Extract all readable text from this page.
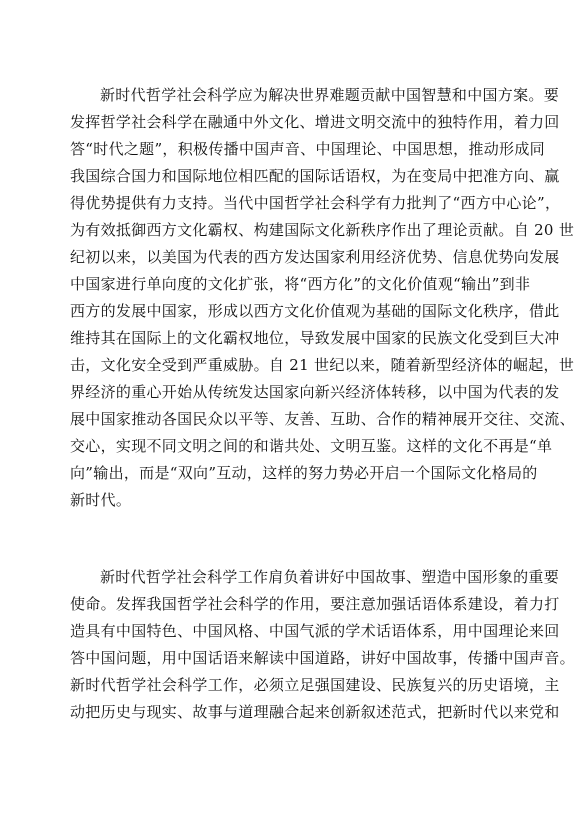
新时代哲学社会科学应为解决世界难题贡献中国智慧和中国方案。要
发挥哲学社会科学在融通中外文化、增进文明交流中的独特作用，着力回
答“时代之题”，积极传播中国声音、中国理论、中国思想，推动形成同
我国综合国力和国际地位相匹配的国际话语权，为在变局中把准方向、赢
得优势提供有力支持。当代中国哲学社会科学有力批判了“西方中心论”，
为有效抵御西方文化霸权、构建国际文化新秩序作出了理论贡献。自 20 世
纪初以来，以美国为代表的西方发达国家利用经济优势、信息优势向发展
中国家进行单向度的文化扩张，将“西方化”的文化价值观“输出”到非
西方的发展中国家，形成以西方文化价值观为基础的国际文化秩序，借此
维持其在国际上的文化霸权地位，导致发展中国家的民族文化受到巨大冲
击，文化安全受到严重威胁。自 21 世纪以来，随着新型经济体的崛起，世
界经济的重心开始从传统发达国家向新兴经济体转移，以中国为代表的发
展中国家推动各国民众以平等、友善、互助、合作的精神展开交往、交流、
交心，实现不同文明之间的和谐共处、文明互鉴。这样的文化不再是“单
向”输出，而是“双向”互动，这样的努力势必开启一个国际文化格局的
新时代。
新时代哲学社会科学工作肩负着讲好中国故事、塑造中国形象的重要
使命。发挥我国哲学社会科学的作用，要注意加强话语体系建设，着力打
造具有中国特色、中国风格、中国气派的学术话语体系，用中国理论来回
答中国问题，用中国话语来解读中国道路，讲好中国故事，传播中国声音。
新时代哲学社会科学工作，必须立足强国建设、民族复兴的历史语境，主
动把历史与现实、故事与道理融合起来创新叙述范式，把新时代以来党和
